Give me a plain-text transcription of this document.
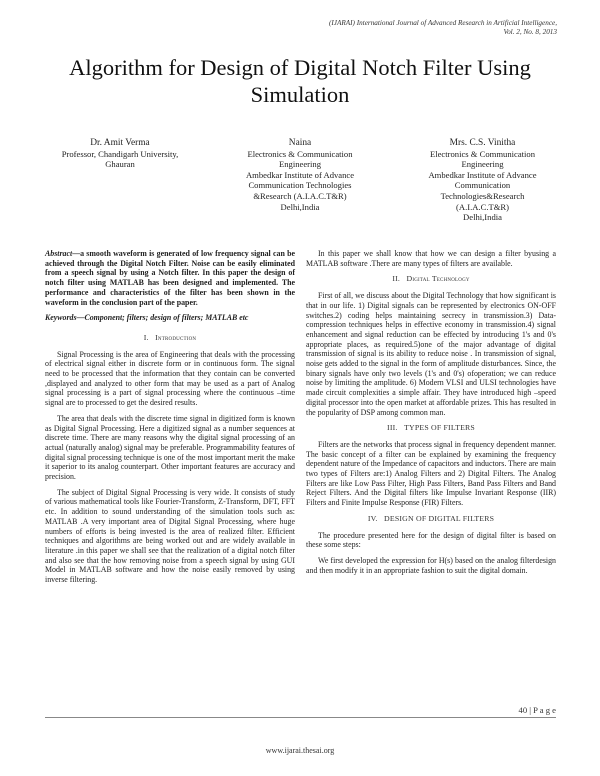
(IJARAI) International Journal of Advanced Research in Artificial Intelligence,
Vol. 2, No. 8, 2013
Algorithm for Design of Digital Notch Filter Using
Simulation
Dr. Amit Verma
Professor, Chandigarh University,
Ghauran
Naina
Electronics & Communication
Engineering
Ambedkar Institute of Advance
Communication Technologies
&Research (A.I.A.C.T&R)
Delhi,India
Mrs. C.S. Vinitha
Electronics & Communication
Engineering
Ambedkar Institute of Advance
Communication
Technologies&Research
(A.I.A.C.T&R)
Delhi,India

Abstract—a smooth waveform is generated of low frequency signal can be achieved through the Digital Notch Filter. Noise can be easily eliminated from a speech signal by using a Notch filter. In this paper the design of notch filter using MATLAB has been designed and implemented. The performance and characteristics of the filter has been shown in the waveform in the conclusion part of the paper.

Keywords—Component; filters; design of filters; MATLAB etc

I. Introduction

Signal Processing is the area of Engineering that deals with the processing of electrical signal either in discrete form or in continuous form. The signal need to be processed that the information that they contain can be converted ,displayed and analyzed to other form that may be used as a part of Analog signal processing is a part of signal processing where the continuous –time signal are to processed to get the desired results.

The area that deals with the discrete time signal in digitized form is known as Digital Signal Processing. Here a digitized signal as a number sequences at discrete time. There are many reasons why the digital signal processing of an actual (naturally analog) signal may be preferable. Programmability features of digital signal processing technique is one of the most important merit the make it saperior to its analog counterpart. Other important features are accuracy and precision.

The subject of Digital Signal Processing is very wide. It consists of study of various mathematical tools like Fourier-Transform, Z-Transform, DFT, FFT etc. In addition to sound understanding of the simulation tools such as: MATLAB .A very important area of Digital Signal Processing, where huge numbers of efforts is being invested is the area of realized filter. Efficient techniques and algorithms are being worked out and are widely available in literature .in this paper we shall see that the realization of a digital notch filter and also see that the how removing noise from a speech signal by using GUI Model in MATLAB software and how the noise easily removed by using inverse filtering.

In this paper we shall know that how we can design a filter byusing a MATLAB software .There are many types of filters are available.

II. Digital Technology

First of all, we discuss about the Digital Technology that how significant is that in our life. 1) Digital signals can be represented by electronics ON-OFF switches.2) coding helps maintaining secrecy in transmission.3) Data-compression techniques helps in effective economy in transmission.4) signal enhancement and signal reduction can be effected by introducing 1's and 0's appropriate places, as required.5)one of the major advantage of digital transmission of signal is its ability to reduce noise . In transmission of signal, noise gets added to the signal in the form of amplitude disturbances. Since, the binary signals have only two levels (1's and 0's) ofoperation; we can reduce noise by limiting the amplitude. 6) Modern VLSI and ULSI technologies have made circuit complexities a simple affair. They have introduced high –speed digital processor into the open market at affordable prizes. This has resulted in the popularity of DSP among common man.

III. TYPES OF FILTERS

Filters are the networks that process signal in frequency dependent manner. The basic concept of a filter can be explained by examining the frequency dependent nature of the Impedance of capacitors and inductors. There are main two types of Filters are:1) Analog Filters and 2) Digital Filters. The Analog Filters are like Low Pass Filter, High Pass Filters, Band Pass Filters and Band Reject Filters. And the Digital filters like Impulse Invariant Response (IIR) Filters and Finite Impulse Response (FIR) Filters.

IV. DESIGN OF DIGITAL FILTERS

The procedure presented here for the design of digital filter is based on these some steps:

We first developed the expression for H(s) based on the analog filterdesign and then modify it in an appropriate fashion to suit the digital domain.

40 | P a g e
www.ijarai.thesai.org
